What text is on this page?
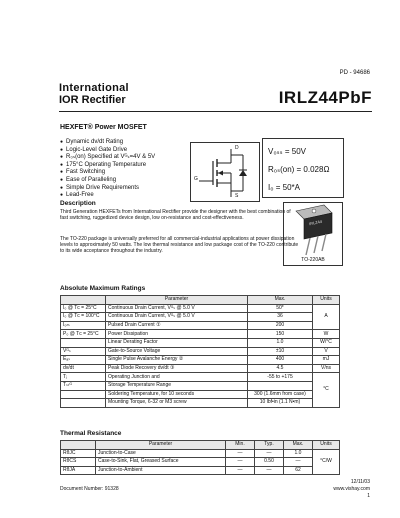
PD - 94686
International
IOR Rectifier	IRLZ44PbF
HEXFET® Power MOSFET
● Dynamic dv/dt Rating
● Logic-Level Gate Drive
● R₀ₛ(on) Specified at Vᴳₛ=4V & 5V
● 175°C Operating Temperature
● Fast Switching
● Ease of Paralleling
● Simple Drive Requirements
● Lead-Free
D
G
S
V₀ₛₛ = 50V
R₀ₛ(on) = 0.028Ω
I₀ = 50*A
IRLZ44
TO-220AB
Description
Third Generation HEXFETs from International Rectifier provide the designer with the best combination of fast switching, ruggedized device design, low on-resistance and cost-effectiveness.
The TO-220 package is universally preferred for all commercial-industrial applications at power dissipation levels to approximately 50 watts. The low thermal resistance and low package cost of the TO-220 contribute to its wide acceptance throughout the industry.
Absolute Maximum Ratings
	Parameter	Max.	Units
I₀ @ Tᴄ = 25°C	Continuous Drain Current, Vᴳₛ @ 5.0 V	50*	A
I₀ @ Tᴄ = 100°C	Continuous Drain Current, Vᴳₛ @ 5.0 V	36	
I₀ₘ	Pulsed Drain Current ①	200	
P₀ @ Tᴄ = 25°C	Power Dissipation	150	W
	Linear Derating Factor	1.0	W/°C
Vᴳₛ	Gate-to-Source Voltage	±10	V
Eₐₛ	Single Pulse Avalanche Energy ②	400	mJ
dv/dt	Peak Diode Recovery dv/dt ③	4.5	V/ns
Tⱼ	Operating Junction and	-55 to +175	°C
Tₛₜᴳ	Storage Temperature Range		
	Soldering Temperature, for 10 seconds	300 (1.6mm from case)	
	Mounting Torque, 6-32 or M3 screw	10 lbf•in (1.1 N•m)	
Thermal Resistance
	Parameter	Min.	Typ.	Max.	Units
RθJC	Junction-to-Case	—	—	1.0	°C/W
RθCS	Case-to-Sink, Flat, Greased Surface	—	0.50	—	
RθJA	Junction-to-Ambient	—	—	62	
12/11/03
Document Number: 91328	www.vishay.com
1
